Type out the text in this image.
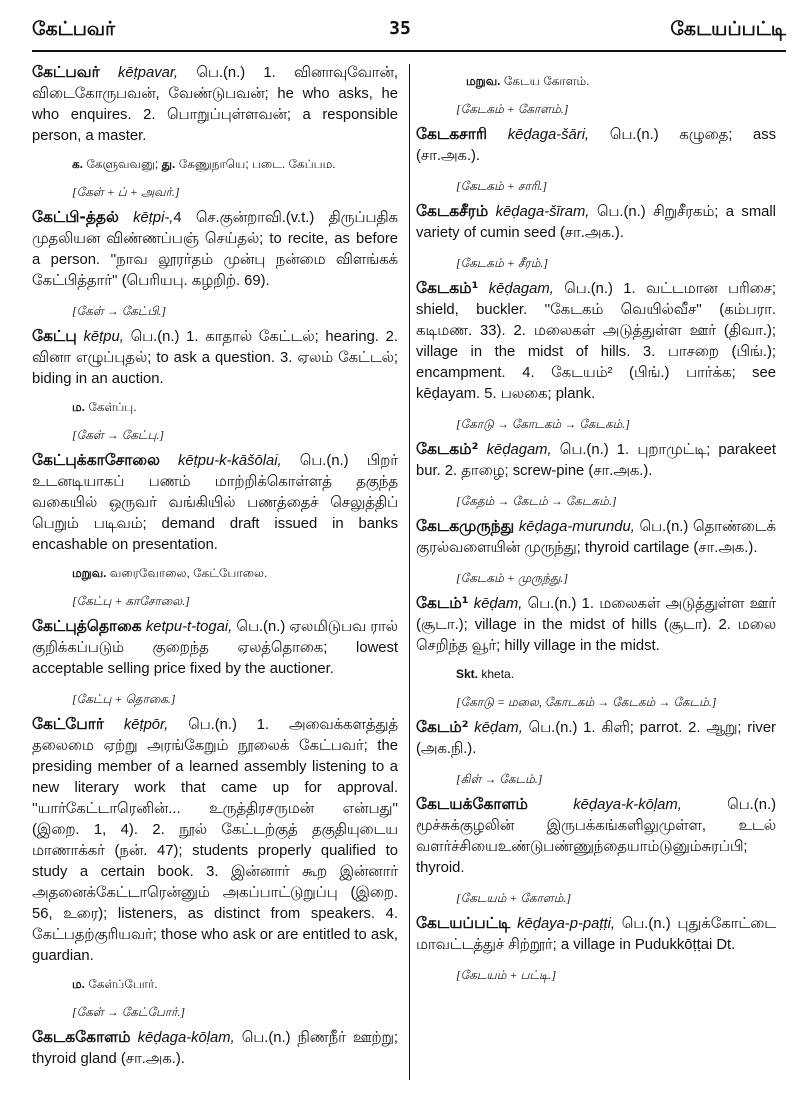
கேட்பவர்	35	கேடயப்பட்டி

கேட்பவர் kēṭpavar, பெ.(n.) 1. வினாவுவோன், விடைகோருபவன், வேண்டுபவன்; he who asks, he who enquires. 2. பொறுப்புள்ளவன்; a responsible person, a master.

க. கேளுவவனு; து. கேணுநாயெ; படை. கேப்பம.
[கேள் + ப் + அவர்.]

கேட்பி-த்தல் kēṭpi-,4 செ.குன்றாவி.(v.t.) திருப்பதிக முதலியன விண்ணப்பஞ் செய்தல்; to recite, as before a person. ''நாவ லூரர்தம் முன்பு நன்மை விளங்கக் கேட்பித்தார்'' (பெரியபு. கழறிற். 69).

[கேள் → கேட்பி.]

கேட்பு kēṭpu, பெ.(n.) 1. காதால் கேட்டல்; hearing. 2. வினா எழுப்புதல்; to ask a question. 3. ஏலம் கேட்டல்; biding in an auction.

ம. கேள்ப்பு.
[கேள் → கேட்பு.]

கேட்புக்காசோலை kēṭpu-k-kāšōlai, பெ.(n.) பிறர் உடனடியாகப் பணம் மாற்றிக்கொள்ளத் தகுந்த வகையில் ஒருவர் வங்கியில் பணத்தைச் செலுத்திப் பெறும் படிவம்; demand draft issued in banks encashable on presentation.

மறுவ. வரைவோலை, கேட்போலை.
[கேட்பு + காசோலை.]

கேட்புத்தொகை ketpu-t-togai, பெ.(n.) ஏலமிடுபவ ரால் குறிக்கப்படும் குறைந்த ஏலத்தொகை; lowest acceptable selling price fixed by the auctioner.

[கேட்பு + தொகை.]

கேட்போர் kēṭpōr, பெ.(n.) 1. அவைக்களத்துத் தலைமை ஏற்று அரங்கேறும் நூலைக் கேட்பவர்; the presiding member of a learned assembly listening to a new literary work that came up for approval. ''யார்கேட்டாரெனின்... உருத்திரசருமன் என்பது'' (இறை. 1, 4). 2. நூல் கேட்டற்குத் தகுதியுடைய மாணாக்கர் (நன். 47); students properly qualified to study a certain book. 3. இன்னார் கூற இன்னார் அதனைக்கேட்டாரென்னும் அகப்பாட்டுறுப்பு (இறை. 56, உரை); listeners, as distinct from speakers. 4. கேட்பதற்குரியவர்; those who ask or are entitled to ask, guardian.

ம. கேள்ப்போர்.
[கேள் → கேட்போர்.]

கேடககோளம் kēḍaga-kōḷam, பெ.(n.) நிணநீர் ஊற்று; thyroid gland (சா.அக.).

மறுவ. கேடய கோளம்.
[கேடகம் + கோளம்.]

கேடகசாரி kēḍaga-šāri, பெ.(n.) கழுதை; ass (சா.அக.).

[கேடகம் + சாரி.]

கேடகசீரம் kēḍaga-šīram, பெ.(n.) சிறுசீரகம்; a small variety of cumin seed (சா.அக.).

[கேடகம் + சீரம்.]

கேடகம்¹ kēḍagam, பெ.(n.) 1. வட்டமான பரிசை; shield, buckler. ''கேடகம் வெயில்வீச'' (கம்பரா. கடிமண. 33). 2. மலைகள் அடுத்துள்ள ஊர் (திவா.); village in the midst of hills. 3. பாசறை (பிங்.); encampment. 4. கேடயம்² (பிங்.) பார்க்க; see kēḍayam. 5. பலகை; plank.

[கோடு → கோடகம் → கேடகம்.]

கேடகம்² kēḍagam, பெ.(n.) 1. புறாமுட்டி; parakeet bur. 2. தாழை; screw-pine (சா.அக.).

[கேதம் → கேடம் → கேடகம்.]

கேடகமுருந்து kēḍaga-murundu, பெ.(n.) தொண்டைக் குரல்வளையின் முருந்து; thyroid cartilage (சா.அக.).

[கேடகம் + முருந்து.]

கேடம்¹ kēḍam, பெ.(n.) 1. மலைகள் அடுத்துள்ள ஊர் (சூடா.); village in the midst of hills (சூடா). 2. மலை செறிந்த வூர்; hilly village in the midst.

Skt. kheta.
[கோடு = மலை, கோடகம் → கேடகம் → கேடம்.]

கேடம்² kēḍam, பெ.(n.) 1. கிளி; parrot. 2. ஆறு; river (அக.நி.).

[கிள் → கேடம்.]

கேடயக்கோளம்	kēḍaya-k-kōḷam,	பெ.(n.) மூச்சுக்குழலின் இருபக்கங்களிலுமுள்ள, உடல் வளர்ச்சியைஉண்டுபண்ணுந்தையாம்டுனும்சுரப்பி; thyroid.

[கேடயம் + கோளம்.]

கேடயப்பட்டி kēḍaya-p-paṭṭi, பெ.(n.) புதுக்கோட்டை மாவட்டத்துச் சிற்றூர்; a village in Pudukkōṭṭai Dt.

[கேடயம் + பட்டி.]
